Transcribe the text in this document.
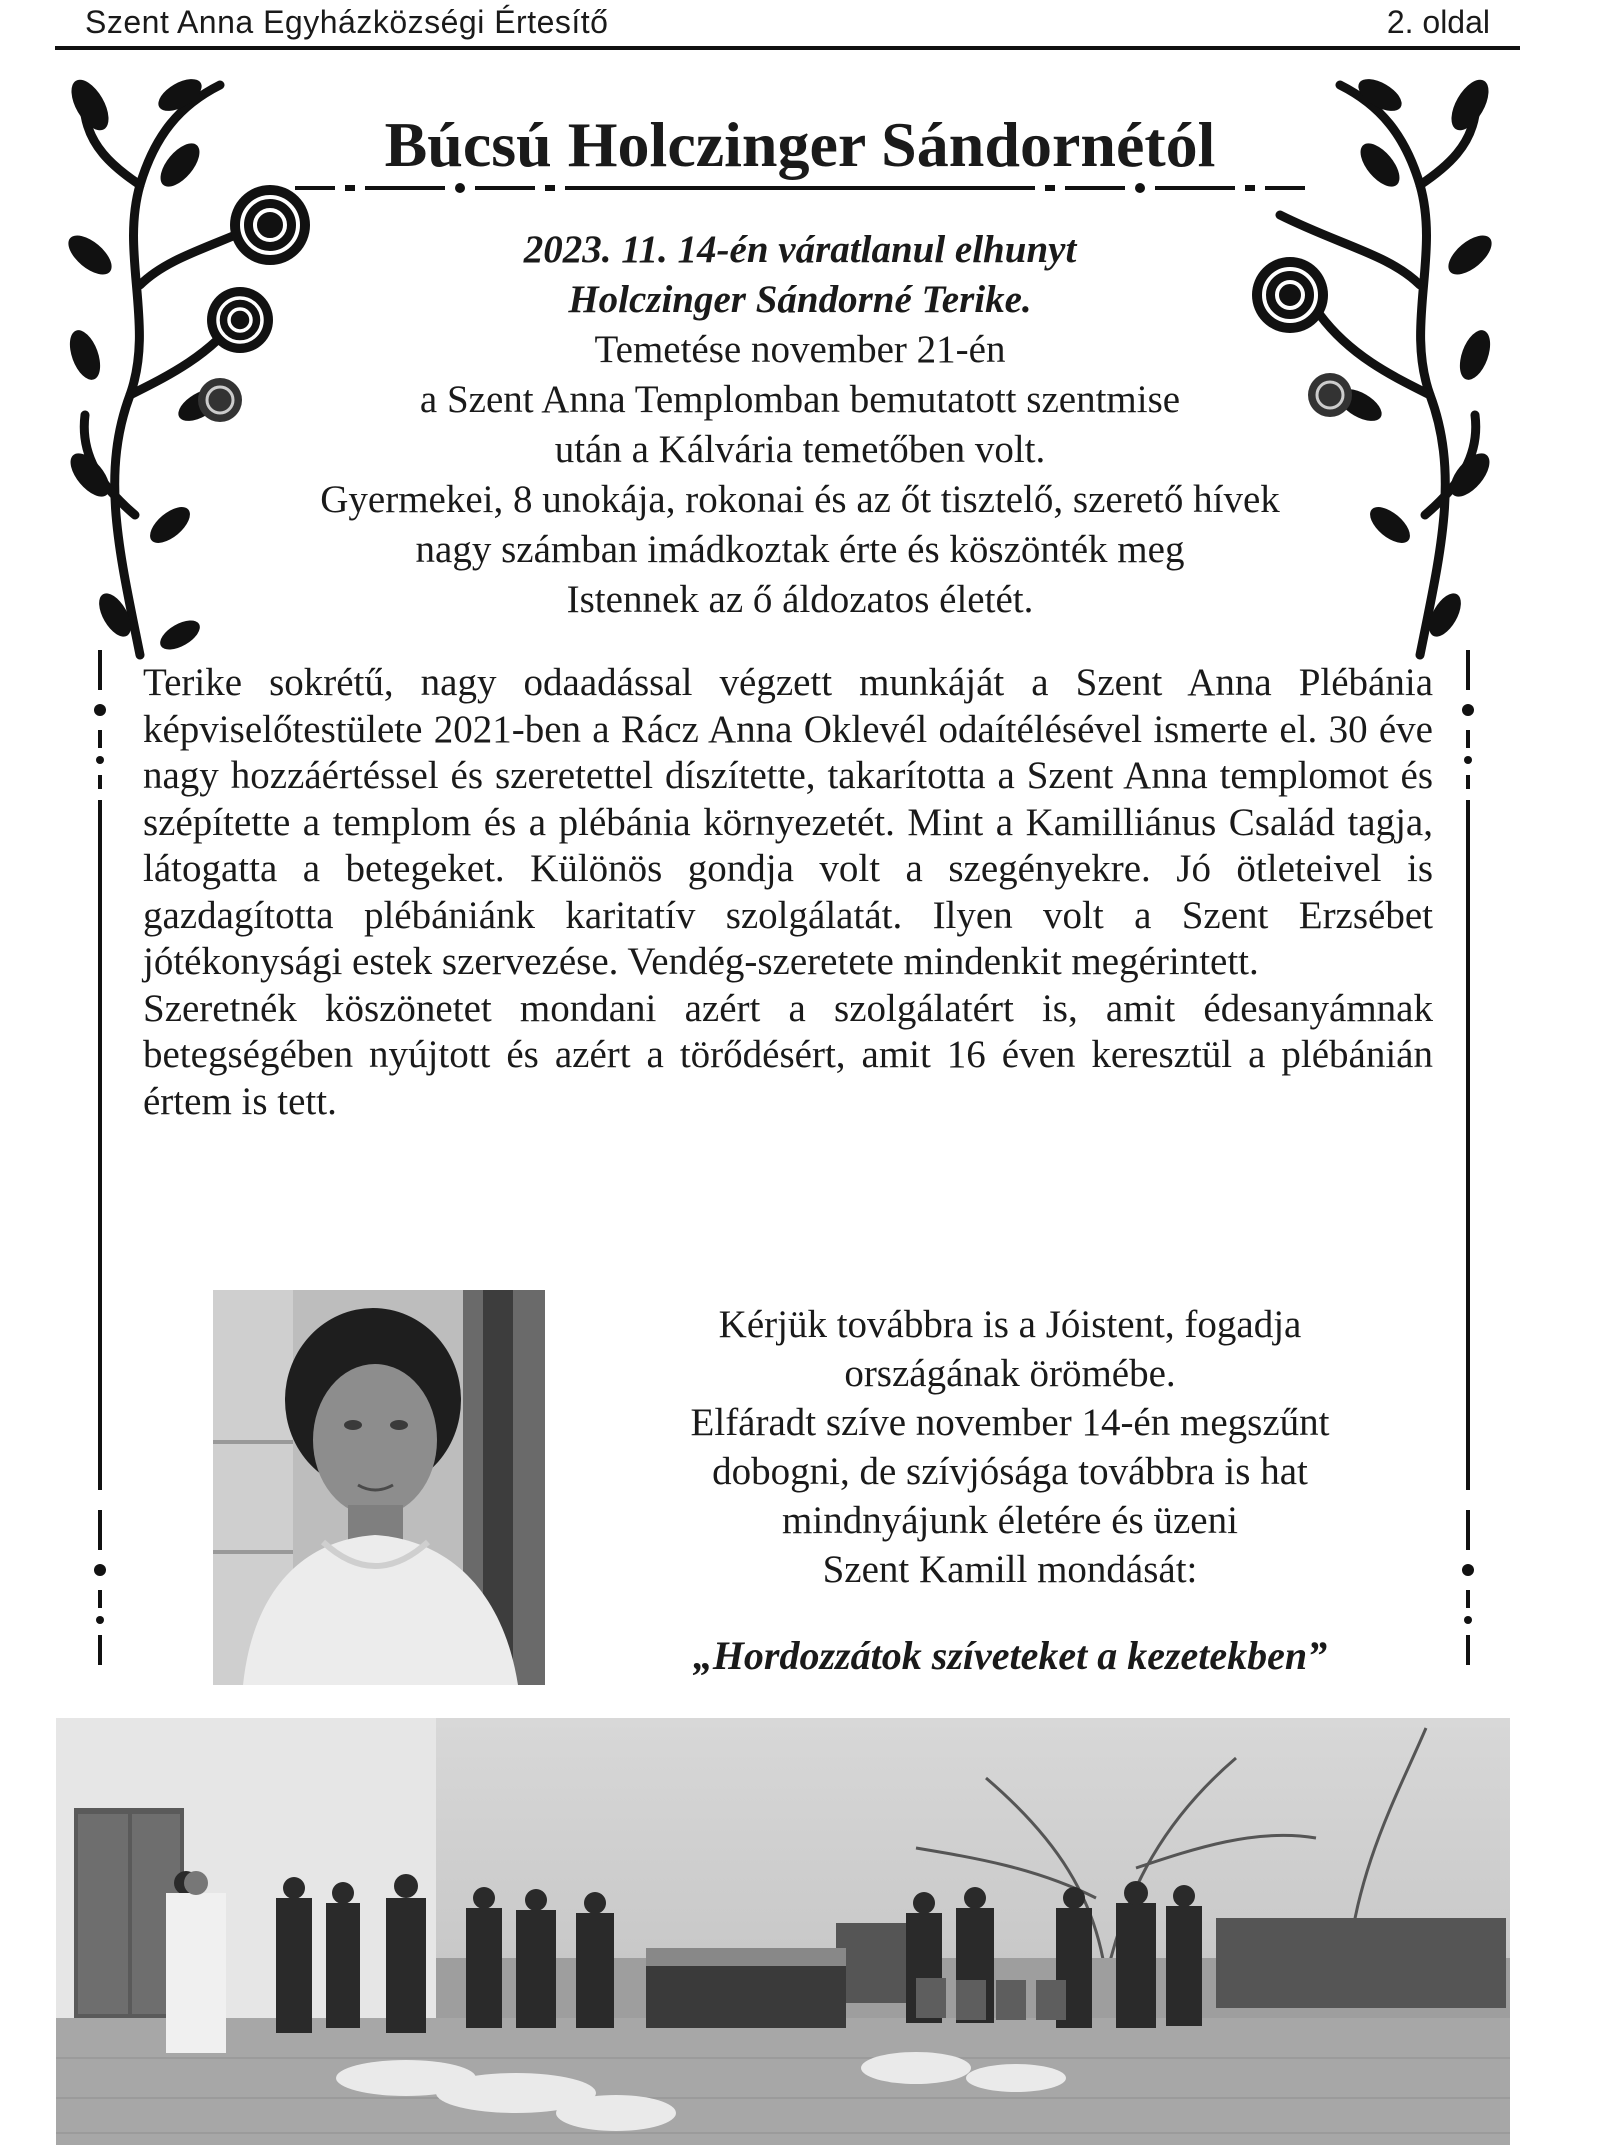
Szent Anna Egyházközségi Értesítő	2. oldal
Búcsú Holczinger Sándornétól

2023. 11. 14-én váratlanul elhunyt

Holczinger Sándorné Terike.

Temetése november 21-én

a Szent Anna Templomban bemutatott szentmise

után a Kálvária temetőben volt.

Gyermekei, 8 unokája, rokonai és az őt tisztelő, szerető hívek

nagy számban imádkoztak érte és köszönték meg

Istennek az ő áldozatos életét.

Terike sokrétű, nagy odaadással végzett munkáját a Szent Anna Plébánia képviselőtestülete 2021-ben a Rácz Anna Oklevél odaítélésével ismerte el. 30 éve nagy hozzáértéssel és szeretettel díszítette, takarította a Szent Anna templomot és szépítette a templom és a plébánia környezetét. Mint a Kamilliánus Család tagja, látogatta a betegeket. Különös gondja volt a szegényekre. Jó ötleteivel is gazdagította plébániánk karitatív szolgálatát. Ilyen volt a Szent Erzsébet jótékonysági estek szervezése. Vendég-szeretete mindenkit megérintett.

Szeretnék köszönetet mondani azért a szolgálatért is, amit édesanyámnak betegségében nyújtott és azért a törődésért, amit 16 éven keresztül a plébánián értem is tett.

Kérjük továbbra is a Jóistent, fogadja

országának örömébe.

Elfáradt szíve november 14-én megszűnt

dobogni, de szívjósága továbbra is hat

mindnyájunk életére és üzeni

Szent Kamill mondását:

„Hordozzátok szíveteket a kezetekben”
